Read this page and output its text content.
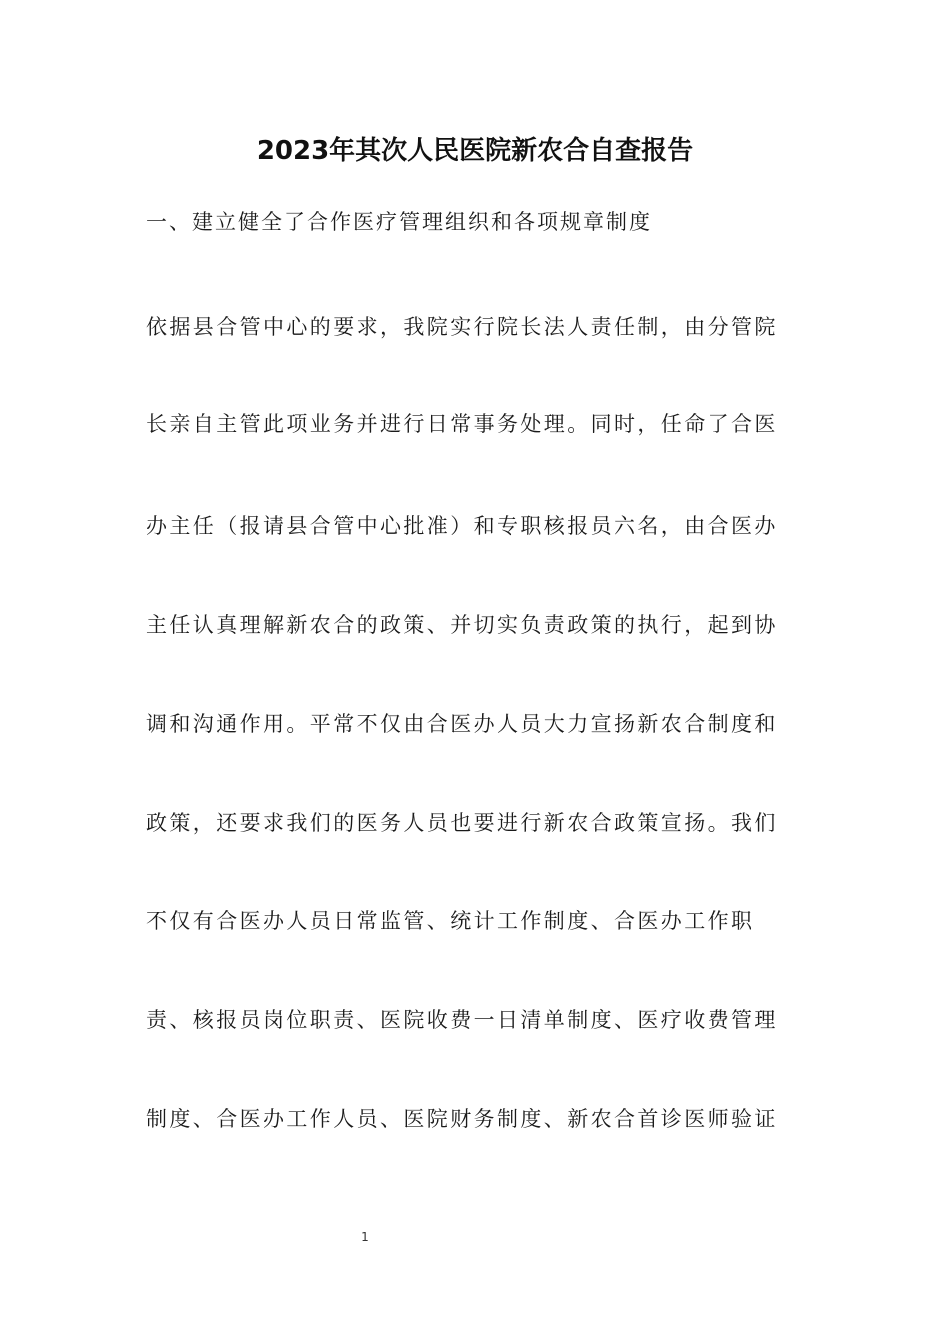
2023年其次人民医院新农合自查报告
一、建立健全了合作医疗管理组织和各项规章制度
依据县合管中心的要求，我院实行院长法人责任制，由分管院
长亲自主管此项业务并进行日常事务处理。同时，任命了合医
办主任（报请县合管中心批准）和专职核报员六名，由合医办
主任认真理解新农合的政策、并切实负责政策的执行，起到协
调和沟通作用。平常不仅由合医办人员大力宣扬新农合制度和
政策，还要求我们的医务人员也要进行新农合政策宣扬。我们
不仅有合医办人员日常监管、统计工作制度、合医办工作职
责、核报员岗位职责、医院收费一日清单制度、医疗收费管理
制度、合医办工作人员、医院财务制度、新农合首诊医师验证
1
